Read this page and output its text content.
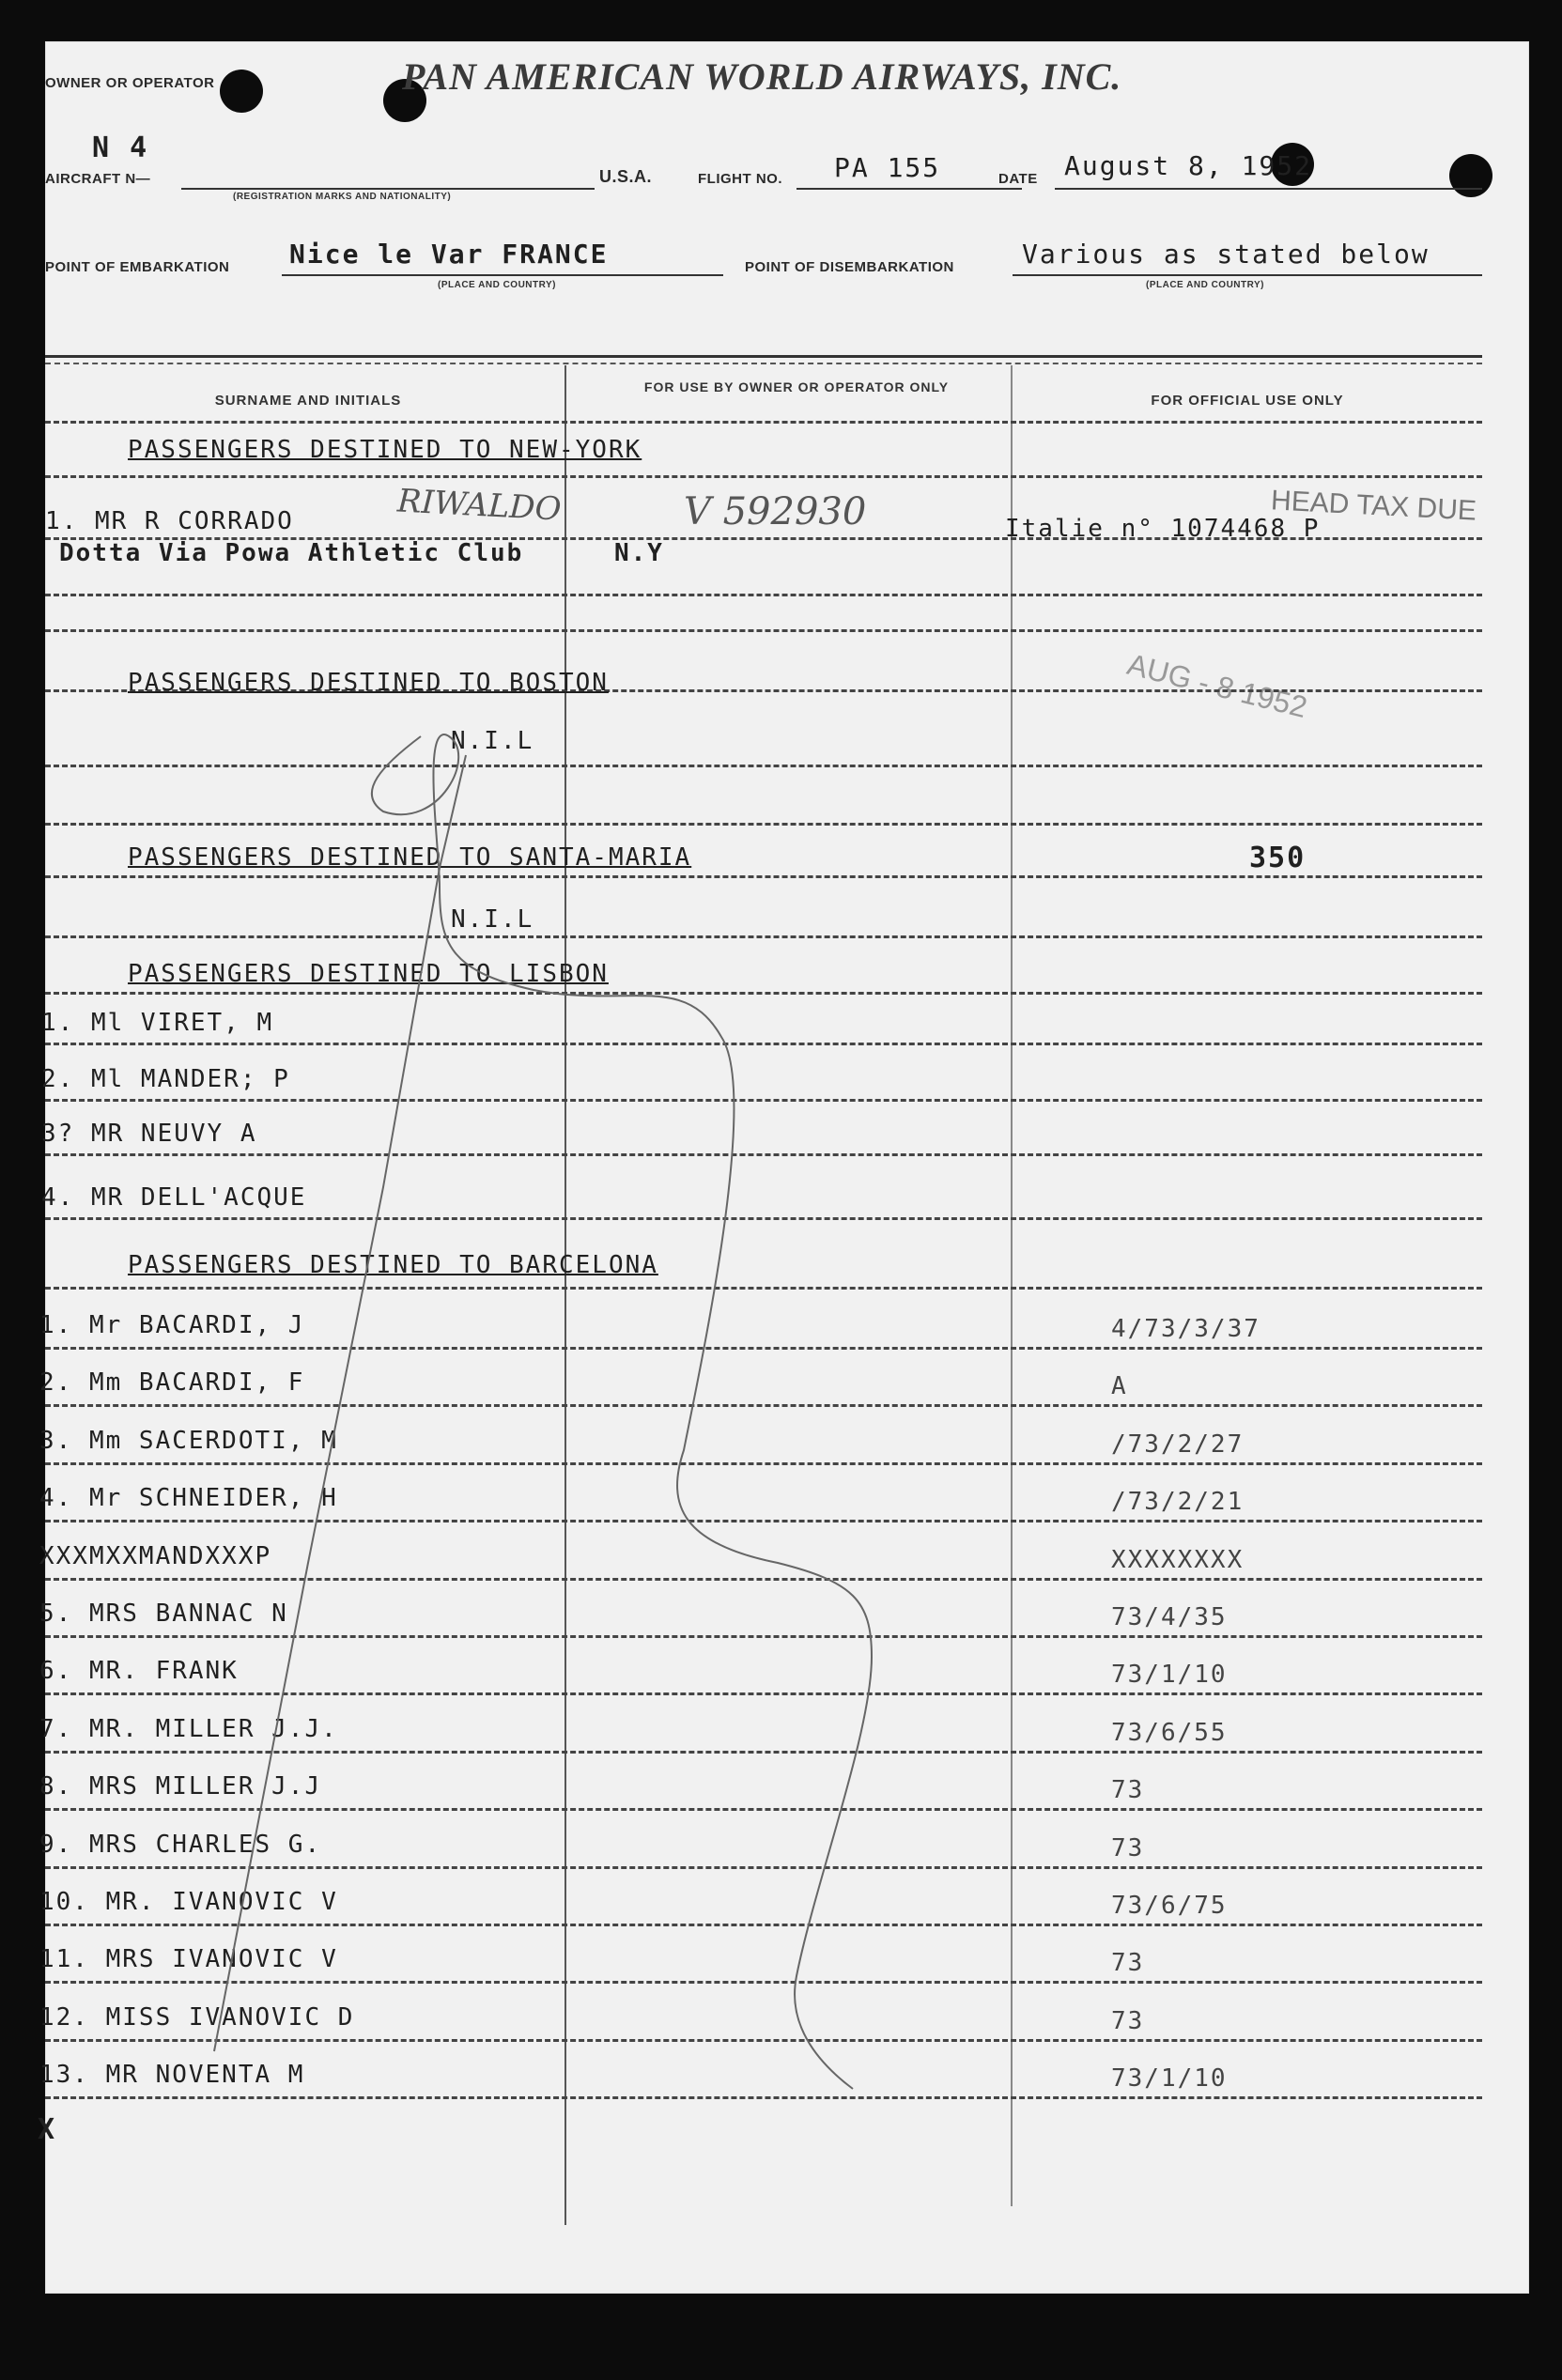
OWNER OR OPERATOR	PAN AMERICAN WORLD AIRWAYS, INC.
AIRCRAFT N—
N 4
(REGISTRATION MARKS AND NATIONALITY)
U.S.A.	FLIGHT NO. PA 155	DATE August 8, 1952
POINT OF EMBARKATION Nice le Var FRANCE
(PLACE AND COUNTRY)
POINT OF DISEMBARKATION	Various as stated below
(PLACE AND COUNTRY)
SURNAME AND INITIALS
FOR USE BY OWNER OR OPERATOR ONLY
FOR OFFICIAL USE ONLY
PASSENGERS DESTINED TO NEW-YORK
1. MR R CORRADO	RIWALDO	V 592930	HEAD TAX DUE
Italie n° 1074468 P
Dotta Via Powa Athletic Club	N.Y
AUG - 8 1952
PASSENGERS DESTINED TO BOSTON
N.I.L
PASSENGERS DESTINED TO SANTA-MARIA	350
N.I.L
PASSENGERS DESTINED TO LISBON
1. Ml VIRET, M
2. Ml MANDER; P
3? MR NEUVY A
4. MR DELL'ACQUE
PASSENGERS DESTINED TO BARCELONA
1. Mr BACARDI, J	4/73/3/37
2. Mm BACARDI, F	A
3. Mm SACERDOTI, M	/73/2/27
4. Mr SCHNEIDER, H	/73/2/21
XXXMXXMANDXXXP	XXXXXXXX
5. MRS BANNAC N	73/4/35
6. MR. FRANK	73/1/10
7. MR. MILLER J.J.	73/6/55
8. MRS MILLER J.J	73
9. MRS CHARLES G.	73
10. MR. IVANOVIC V	73/6/75
11. MRS IVANOVIC V	73
12. MISS IVANOVIC D	73
13. MR NOVENTA M	73/1/10
X
